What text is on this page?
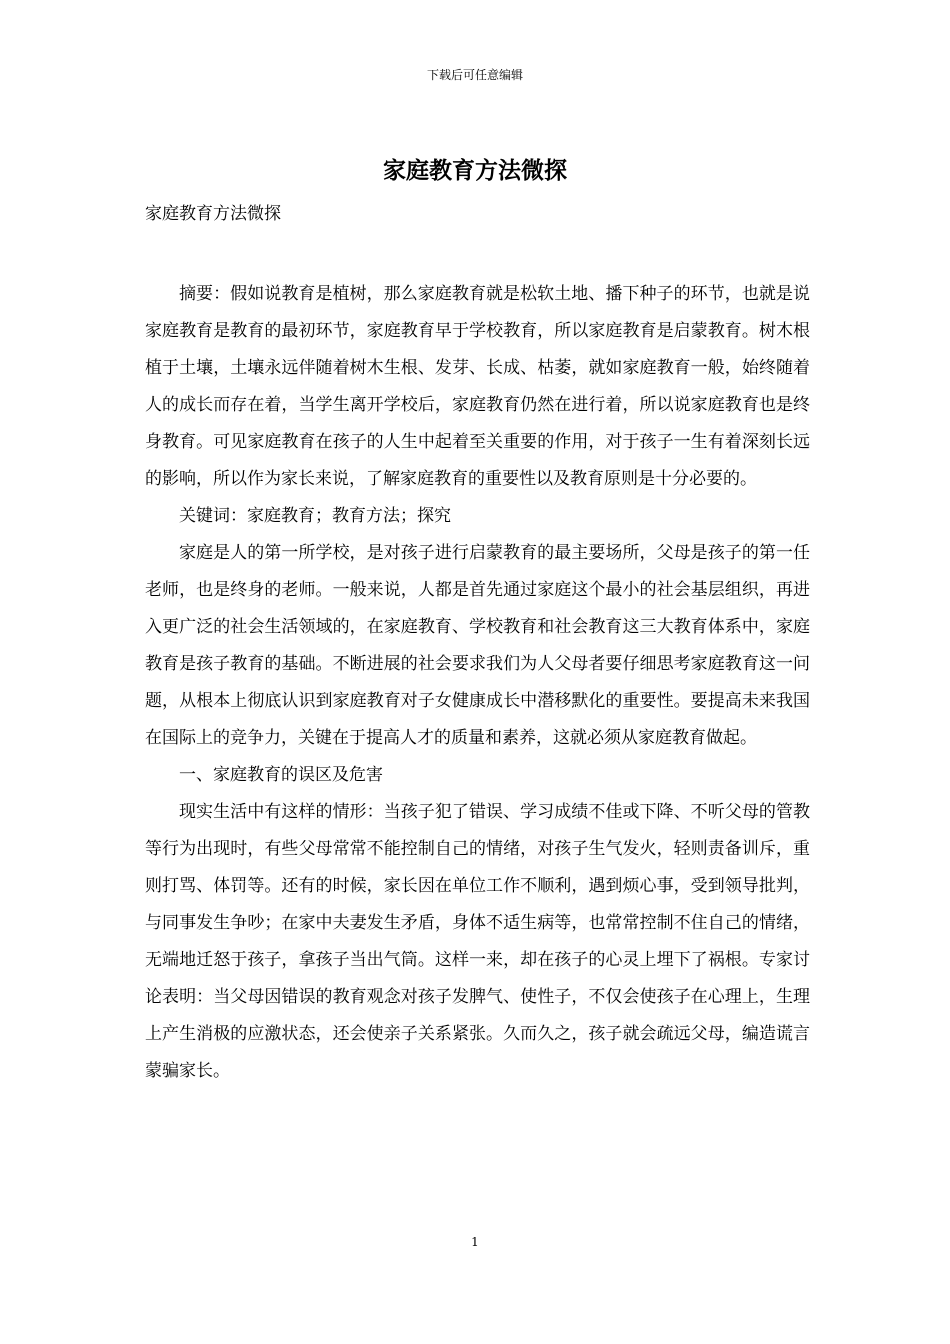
下载后可任意编辑
家庭教育方法微探

家庭教育方法微探

摘要：假如说教育是植树，那么家庭教育就是松软土地、播下种子的环节，也就是说家庭教育是教育的最初环节，家庭教育早于学校教育，所以家庭教育是启蒙教育。树木根植于土壤，土壤永远伴随着树木生根、发芽、长成、枯萎，就如家庭教育一般，始终随着人的成长而存在着，当学生离开学校后，家庭教育仍然在进行着，所以说家庭教育也是终身教育。可见家庭教育在孩子的人生中起着至关重要的作用，对于孩子一生有着深刻长远的影响，所以作为家长来说，了解家庭教育的重要性以及教育原则是十分必要的。

关键词：家庭教育；教育方法；探究

家庭是人的第一所学校，是对孩子进行启蒙教育的最主要场所，父母是孩子的第一任老师，也是终身的老师。一般来说，人都是首先通过家庭这个最小的社会基层组织，再进入更广泛的社会生活领域的，在家庭教育、学校教育和社会教育这三大教育体系中，家庭教育是孩子教育的基础。不断进展的社会要求我们为人父母者要仔细思考家庭教育这一问题，从根本上彻底认识到家庭教育对子女健康成长中潜移默化的重要性。要提高未来我国在国际上的竞争力，关键在于提高人才的质量和素养，这就必须从家庭教育做起。

一、家庭教育的误区及危害

现实生活中有这样的情形：当孩子犯了错误、学习成绩不佳或下降、不听父母的管教等行为出现时，有些父母常常不能控制自己的情绪，对孩子生气发火，轻则责备训斥，重则打骂、体罚等。还有的时候，家长因在单位工作不顺利，遇到烦心事，受到领导批判，与同事发生争吵；在家中夫妻发生矛盾，身体不适生病等，也常常控制不住自己的情绪，无端地迁怒于孩子，拿孩子当出气筒。这样一来，却在孩子的心灵上埋下了祸根。专家讨论表明：当父母因错误的教育观念对孩子发脾气、使性子，不仅会使孩子在心理上，生理上产生消极的应激状态，还会使亲子关系紧张。久而久之，孩子就会疏远父母，编造谎言蒙骗家长。

1
